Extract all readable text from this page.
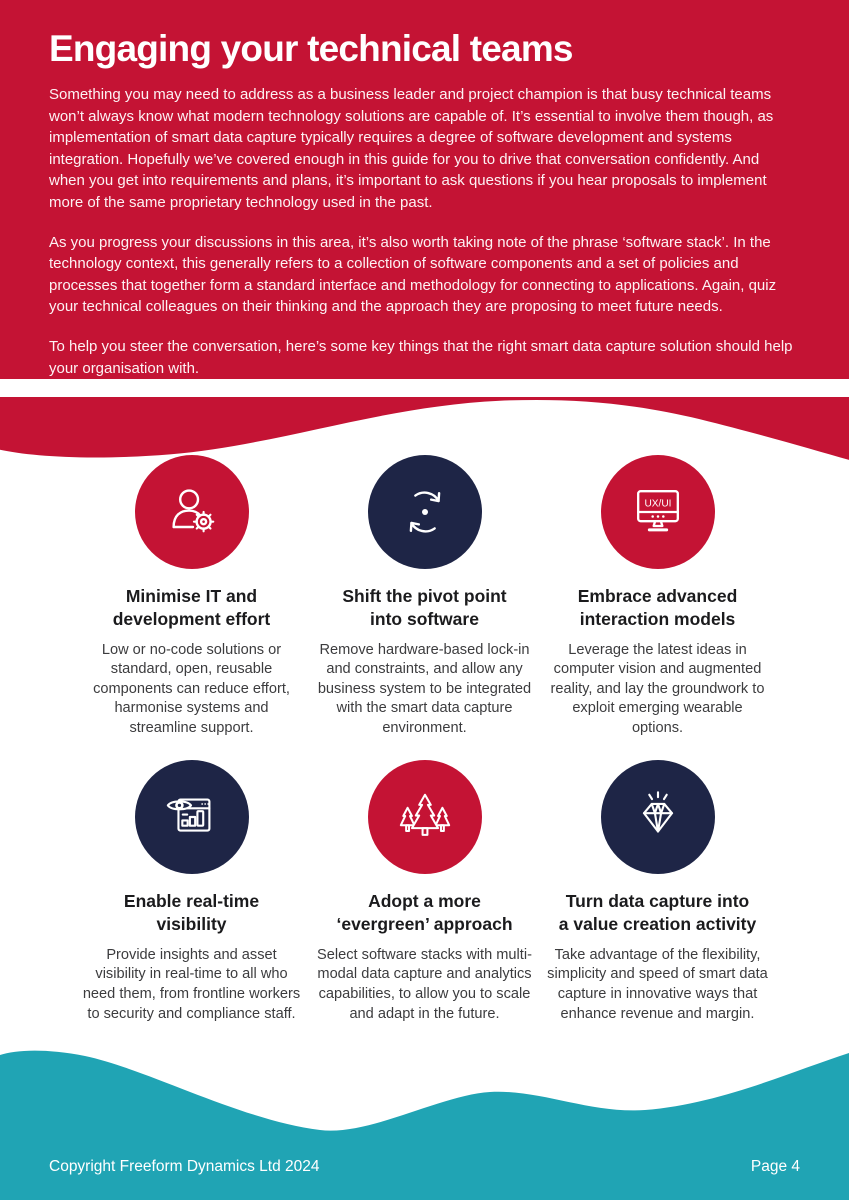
Engaging your technical teams

Something you may need to address as a business leader and project champion is that busy technical teams won’t always know what modern technology solutions are capable of. It’s essential to involve them though, as implementation of smart data capture typically requires a degree of software development and systems integration. Hopefully we’ve covered enough in this guide for you to drive that conversation confidently. And when you get into requirements and plans, it’s important to ask questions if you hear proposals to implement more of the same proprietary technology used in the past.

As you progress your discussions in this area, it’s also worth taking note of the phrase ‘software stack’. In the technology context, this generally refers to a collection of software components and a set of policies and processes that together form a standard interface and methodology for connecting to applications. Again, quiz your technical colleagues on their thinking and the approach they are proposing to meet future needs.

To help you steer the conversation, here’s some key things that the right smart data capture solution should help your organisation with.

Minimise IT and
development effort

Low or no-code solutions or standard, open, reusable components can reduce effort, harmonise systems and streamline support.

Shift the pivot point
into software

Remove hardware-based lock-in and constraints, and allow any business system to be integrated with the smart data capture environment.

UX/UI
Embrace advanced
interaction models

Leverage the latest ideas in computer vision and augmented reality, and lay the groundwork to exploit emerging wearable options.

Enable real-time
visibility

Provide insights and asset visibility in real-time to all who need them, from frontline workers to security and compliance staff.

Adopt a more
‘evergreen’ approach

Select software stacks with multi-modal data capture and analytics capabilities, to allow you to scale and adapt in the future.

Turn data capture into
a value creation activity

Take advantage of the flexibility, simplicity and speed of smart data capture in innovative ways that enhance revenue and margin.

Copyright Freeform Dynamics Ltd 2024	Page 4
